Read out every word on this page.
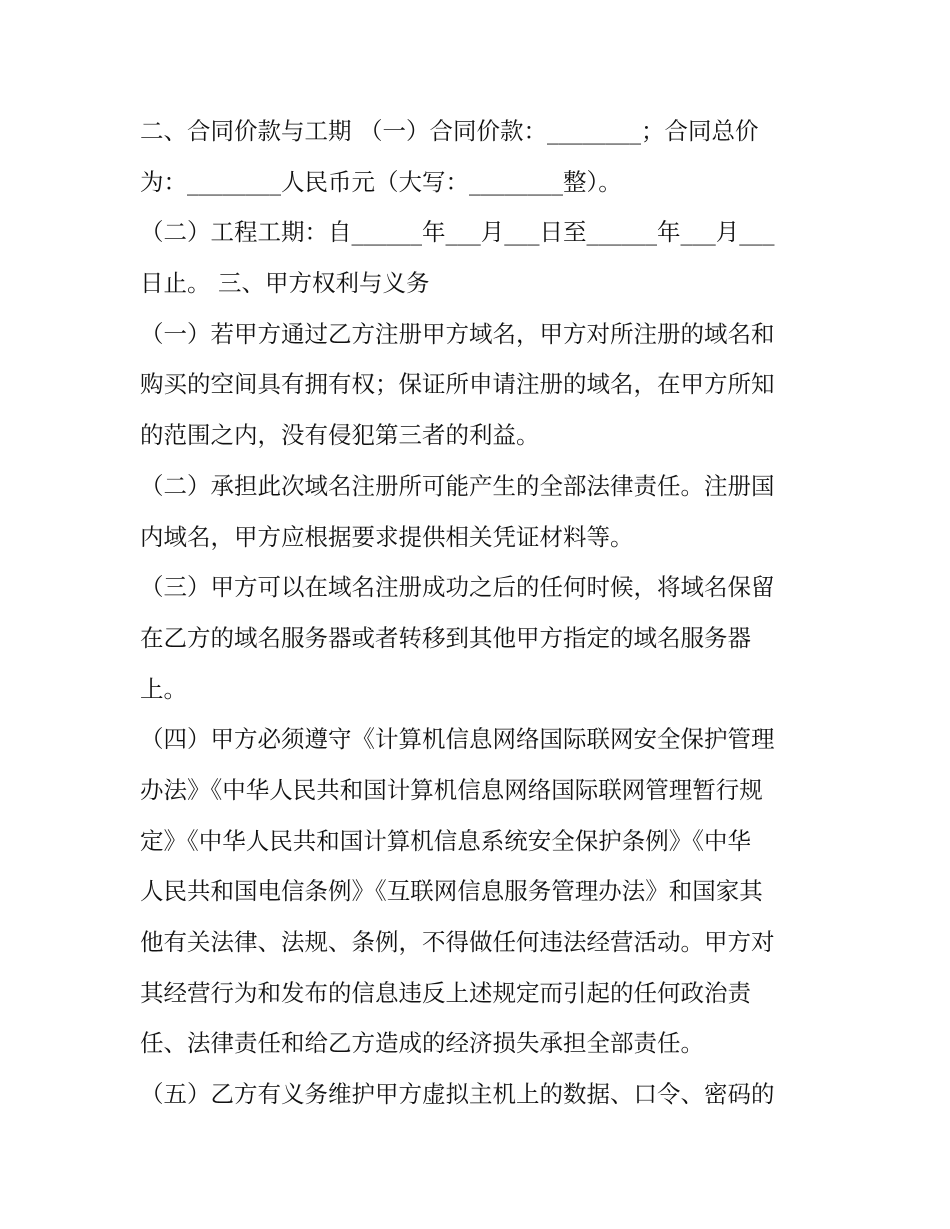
二、合同价款与工期 （一）合同价款：________；合同总价
为：________人民币元（大写：________整）。
（二）工程工期：自______年___月___日至______年___月___
日止。 三、甲方权利与义务
（一）若甲方通过乙方注册甲方域名，甲方对所注册的域名和
购买的空间具有拥有权；保证所申请注册的域名，在甲方所知
的范围之内，没有侵犯第三者的利益。
（二）承担此次域名注册所可能产生的全部法律责任。注册国
内域名，甲方应根据要求提供相关凭证材料等。
（三）甲方可以在域名注册成功之后的任何时候，将域名保留
在乙方的域名服务器或者转移到其他甲方指定的域名服务器
上。
（四）甲方必须遵守《计算机信息网络国际联网安全保护管理
办法》《中华人民共和国计算机信息网络国际联网管理暂行规
定》《中华人民共和国计算机信息系统安全保护条例》《中华
人民共和国电信条例》《互联网信息服务管理办法》和国家其
他有关法律、法规、条例，不得做任何违法经营活动。甲方对
其经营行为和发布的信息违反上述规定而引起的任何政治责
任、法律责任和给乙方造成的经济损失承担全部责任。
（五）乙方有义务维护甲方虚拟主机上的数据、口令、密码的
